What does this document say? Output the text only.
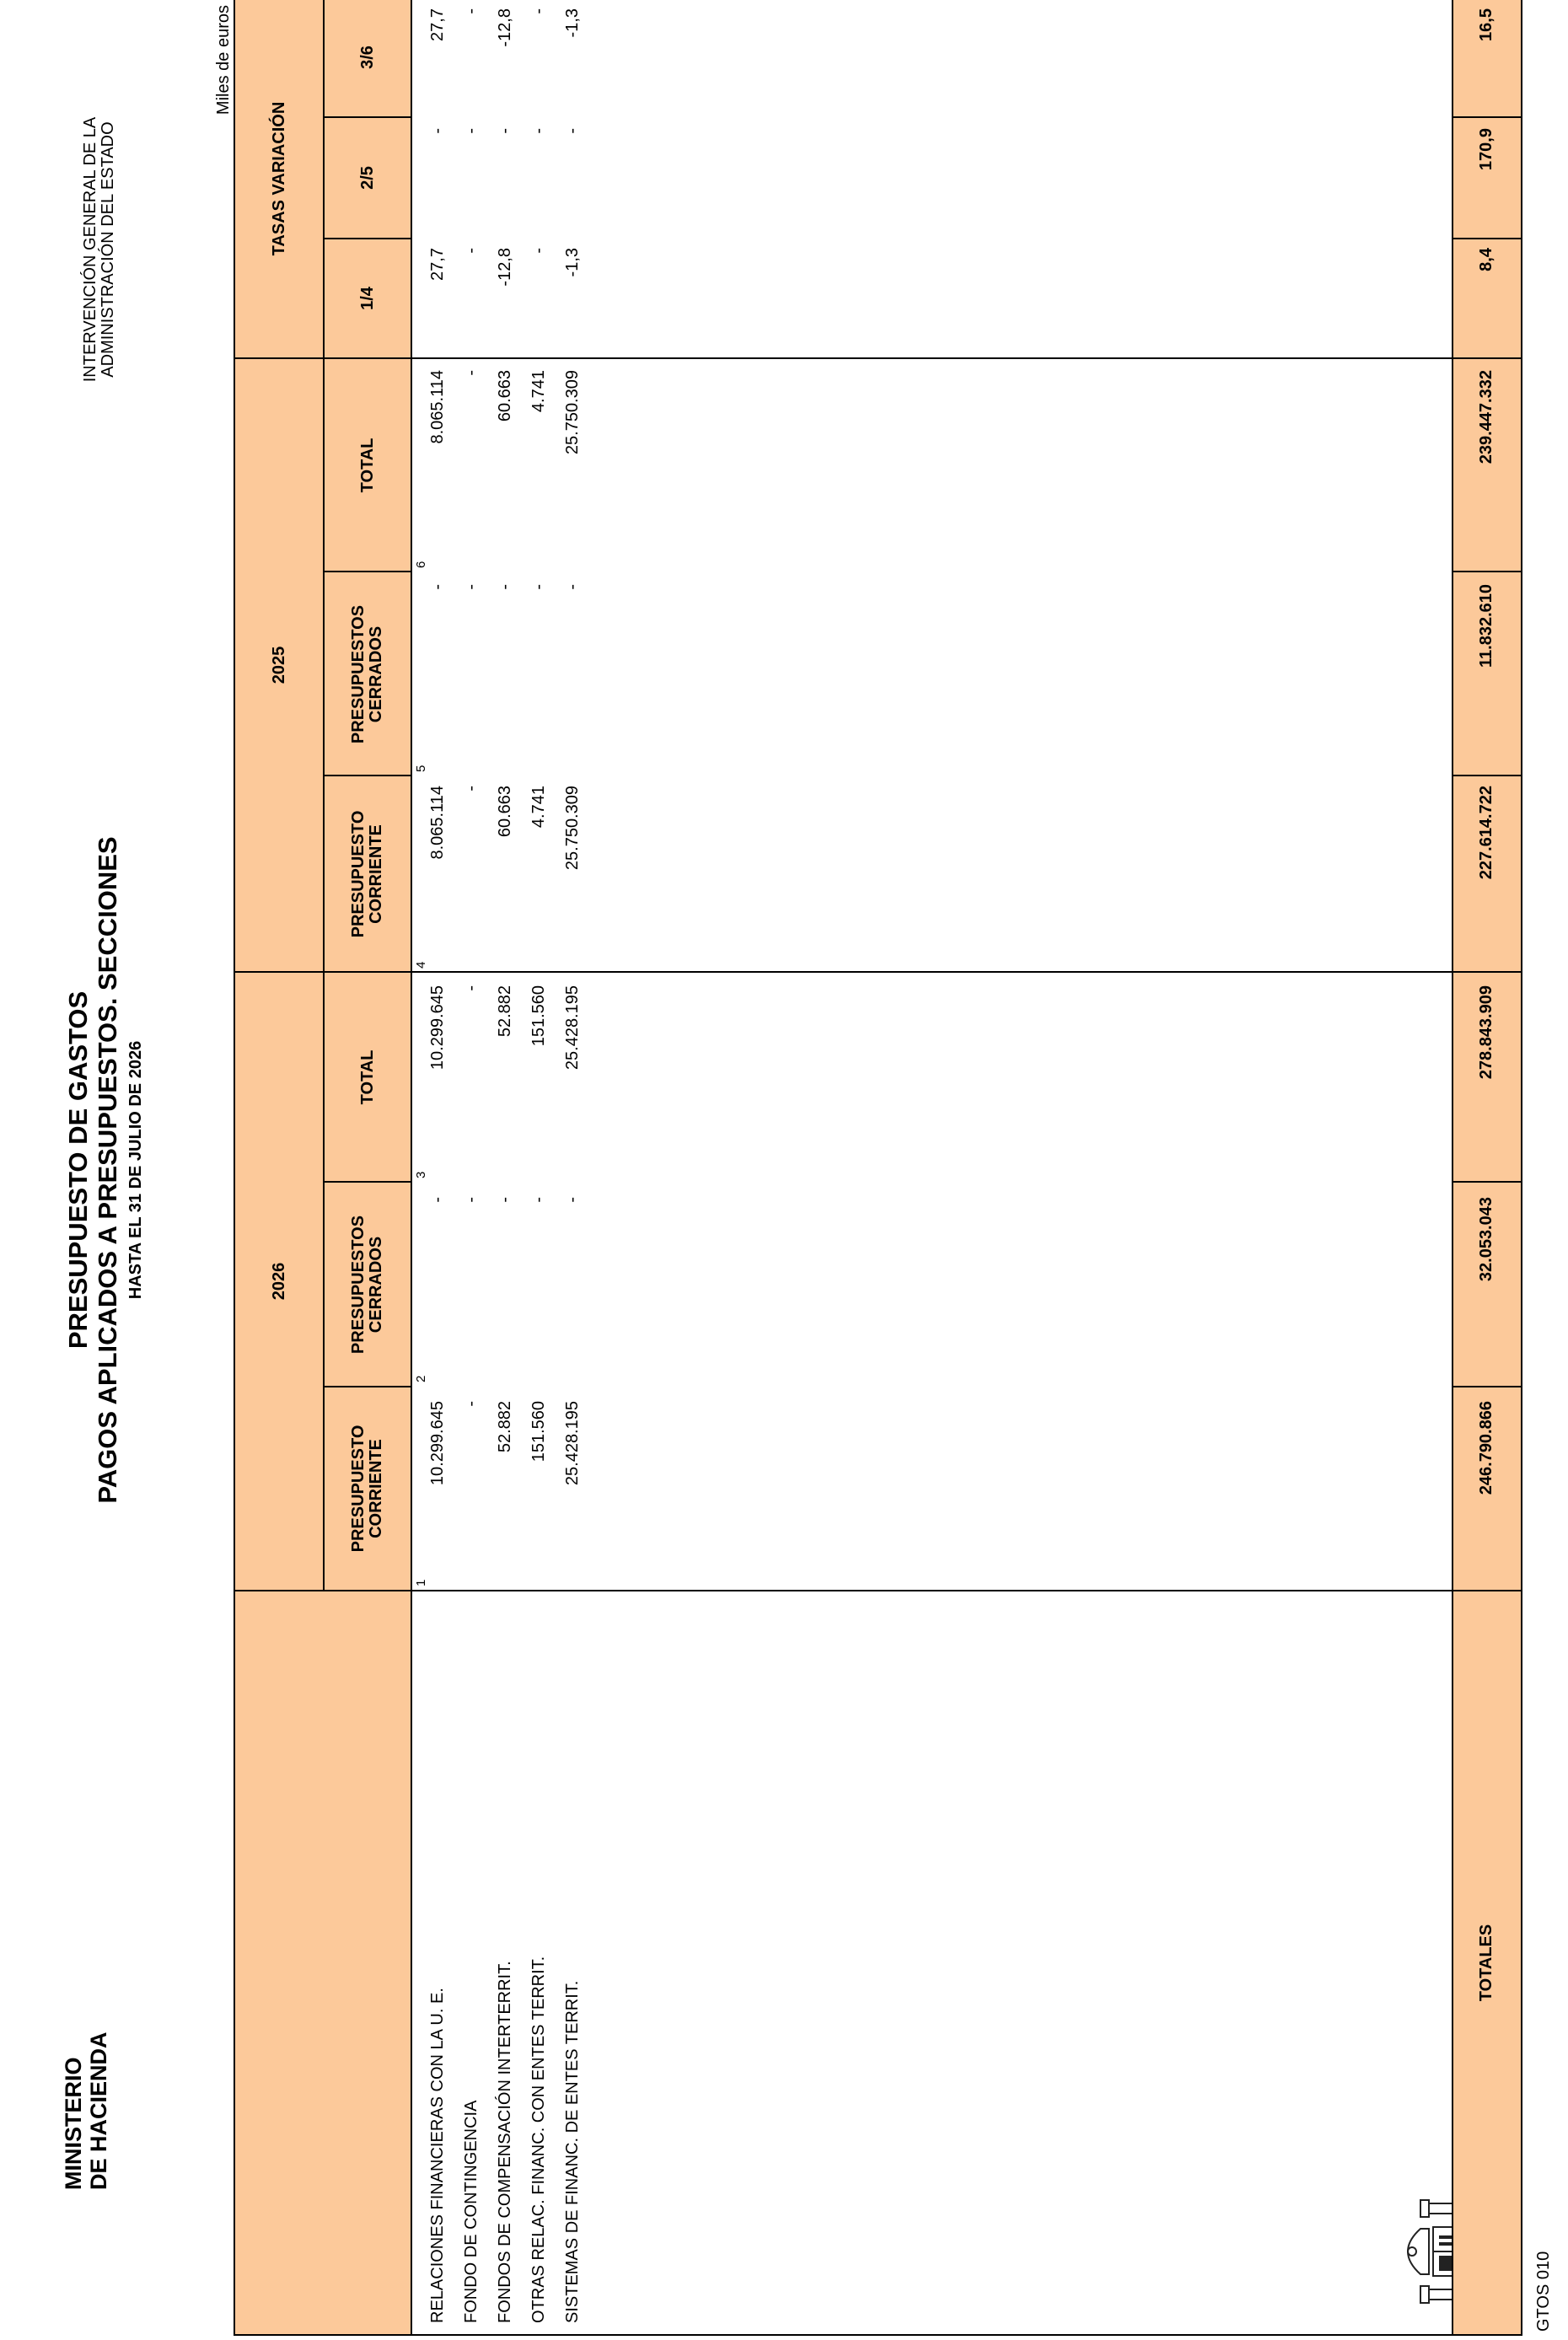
MINISTERIO DE HACIENDA
PRESUPUESTO DE GASTOS PAGOS APLICADOS A PRESUPUESTOS. SECCIONES HASTA EL 31 DE JULIO DE 2026
INTERVENCIÓN GENERAL DE LA ADMINISTRACIÓN DEL ESTADO
Miles de euros
2026
2025
TASAS VARIACIÓN
PRESUPUESTO CORRIENTE
PRESUPUESTOS CERRADOS
TOTAL
PRESUPUESTO CORRIENTE
PRESUPUESTOS CERRADOS
TOTAL
1/4
2/5
3/6
1
2
3
4
5
6
RELACIONES FINANCIERAS CON LA U. E. FONDO DE CONTINGENCIA FONDOS DE COMPENSACIÓN INTERTERRIT. OTRAS RELAC. FINANC. CON ENTES TERRIT. SISTEMAS DE FINANC. DE ENTES TERRIT.
10.299.645
-
10.299.645
8.065.114
-
8.065.114
27,7
-
27,7
-
-
-
-
-
-
-
-
-
52.882
-
52.882
60.663
-
60.663
-12,8
-
-12,8
151.560
-
151.560
4.741
-
4.741
-
-
-
25.428.195
-
25.428.195
25.750.309
-
25.750.309
-1,3
-
-1,3
TOTALES
246.790.866
32.053.043
278.843.909
227.614.722
11.832.610
239.447.332
8,4
170,9
16,5
GTOS 010
